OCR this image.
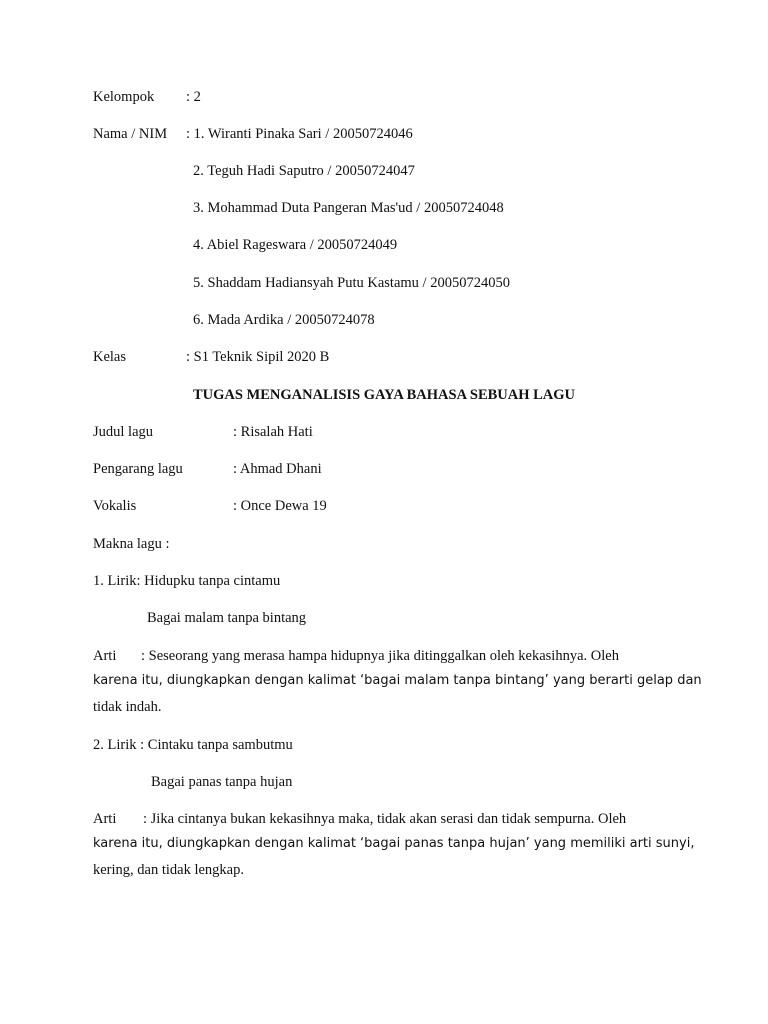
Kelompok : 2
Nama / NIM : 1. Wiranti Pinaka Sari / 20050724046
2. Teguh Hadi Saputro / 20050724047
3. Mohammad Duta Pangeran Mas'ud / 20050724048
4. Abiel Rageswara / 20050724049
5. Shaddam Hadiansyah Putu Kastamu / 20050724050
6. Mada Ardika / 20050724078
Kelas	: S1 Teknik Sipil 2020 B
TUGAS MENGANALISIS GAYA BAHASA SEBUAH LAGU
Judul lagu	: Risalah Hati
Pengarang lagu	: Ahmad Dhani
Vokalis	: Once Dewa 19
Makna lagu :
1. Lirik: Hidupku tanpa cintamu
Bagai malam tanpa bintang
Arti : Seseorang yang merasa hampa hidupnya jika ditinggalkan oleh kekasihnya. Oleh
karena itu, diungkapkan dengan kalimat ‘bagai malam tanpa bintang’ yang berarti gelap dan
tidak indah.
2. Lirik : Cintaku tanpa sambutmu
Bagai panas tanpa hujan
Arti : Jika cintanya bukan kekasihnya maka, tidak akan serasi dan tidak sempurna. Oleh
karena itu, diungkapkan dengan kalimat ‘bagai panas tanpa hujan’ yang memiliki arti sunyi,
kering, dan tidak lengkap.
